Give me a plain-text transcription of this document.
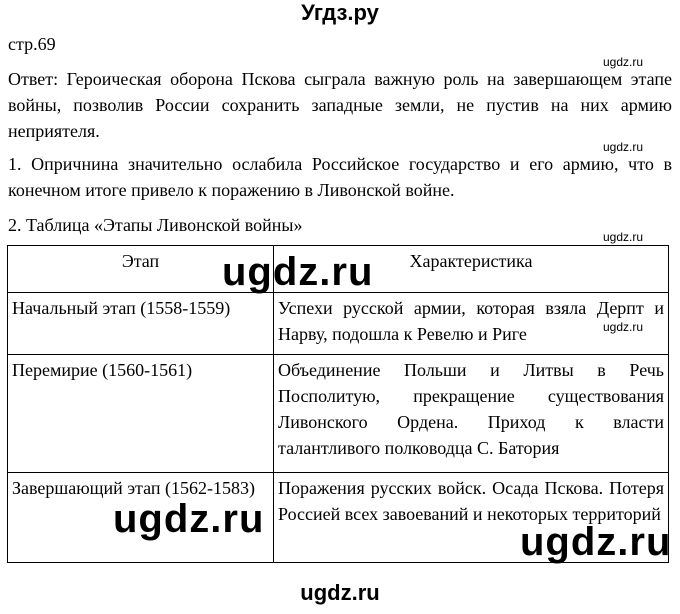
Угдз.ру
стр.69
ugdz.ru
Ответ: Героическая оборона Пскова сыграла важную роль на завершающем этапе войны, позволив России сохранить западные земли, не пустив на них армию неприятеля.
ugdz.ru
1. Опричнина значительно ослабила Российское государство и его армию, что в конечном итоге привело к поражению в Ливонской войне.
2. Таблица «Этапы Ливонской войны»
ugdz.ru
Этап	Характеристика
Начальный этап (1558-1559)	Успехи русской армии, которая взяла Дерпт и Нарву, подошла к Ревелю и Риге
Перемирие (1560-1561)	Объединение Польши и Литвы в Речь Посполитую, прекращение существования Ливонского Ордена. Приход к власти талантливого полководца С. Батория
Завершающий этап (1562-1583)	Поражения русских войск. Осада Пскова. Потеря Россией всех завоеваний и некоторых территорий
ugdz.ru
ugdz.ru
ugdz.ru
ugdz.ru
ugdz.ru
